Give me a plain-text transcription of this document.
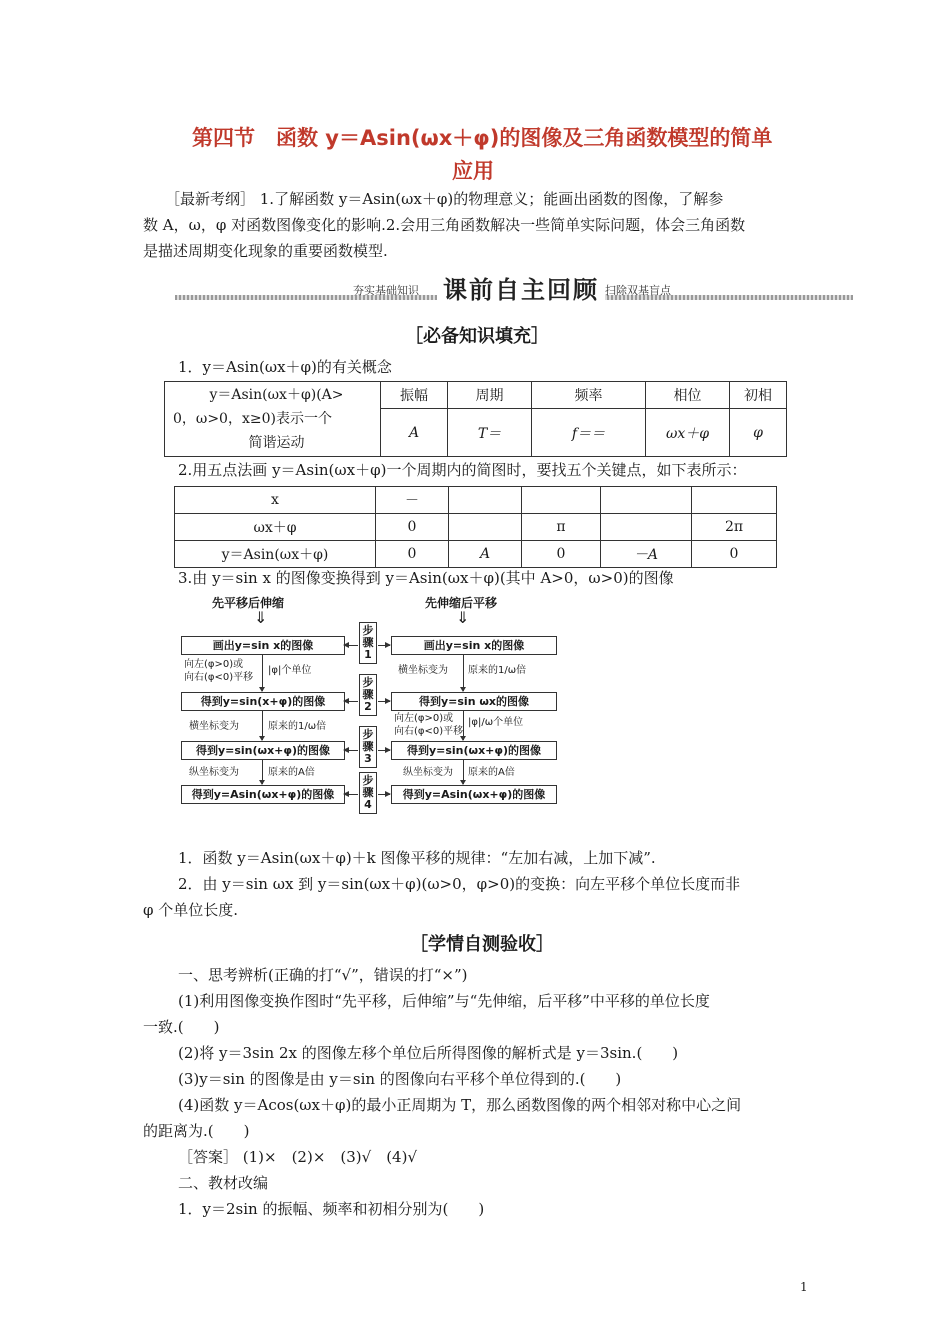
第四节　函数 y＝Asin(ωx＋φ)的图像及三角函数模型的简单
应用
［最新考纲］ 1.了解函数 y＝Asin(ωx＋φ)的物理意义；能画出函数的图像，了解参
数 A，ω，φ 对函数图像变化的影响.2.会用三角函数解决一些简单实际问题，体会三角函数
是描述周期变化现象的重要函数模型.
夯实基础知识 课前自主回顾 扫除双基盲点
［必备知识填充］
1．y＝Asin(ωx＋φ)的有关概念
y＝Asin(ωx＋φ)(A>
0，ω>0，x≥0)表示一个
简谐运动	振幅	周期	频率	相位	初相
	A	T＝	f＝＝	ωx＋φ	φ
2.用五点法画 y＝Asin(ωx＋φ)一个周期内的简图时，要找五个关键点，如下表所示：
x	－				
ωx＋φ	0		π		2π
y＝Asin(ωx＋φ)	0	A	0	－A	0
3.由 y＝sin x 的图像变换得到 y＝Asin(ωx＋φ)(其中 A>0，ω>0)的图像
先平移后伸缩	先伸缩后平移
⇓	⇓
画出y=sin x的图像
得到y=sin(x+φ)的图像
得到y=sin(ωx+φ)的图像
得到y=Asin(ωx+φ)的图像
画出y=sin x的图像
得到y=sin ωx的图像
得到y=sin(ωx+φ)的图像
得到y=Asin(ωx+φ)的图像
步
骤
1
步
骤
2
步
骤
3
步
骤
4
向左(φ>0)或
向右(φ<0)平移
|φ|个单位
横坐标变为	原来的1/ω倍
纵坐标变为	原来的A倍
横坐标变为 原来的1/ω倍
向左(φ>0)或
向右(φ<0)平移
|φ|/ω个单位
纵坐标变为 原来的A倍
1．函数 y＝Asin(ωx＋φ)＋k 图像平移的规律：“左加右减，上加下减”.
2．由 y＝sin ωx 到 y＝sin(ωx＋φ)(ω>0，φ>0)的变换：向左平移个单位长度而非
φ 个单位长度.
［学情自测验收］
一、思考辨析(正确的打“√”，错误的打“×”)
(1)利用图像变换作图时“先平移，后伸缩”与“先伸缩，后平移”中平移的单位长度
一致.(　　)
(2)将 y＝3sin 2x 的图像左移个单位后所得图像的解析式是 y＝3sin.(　　)
(3)y＝sin 的图像是由 y＝sin 的图像向右平移个单位得到的.(　　)
(4)函数 y＝Acos(ωx＋φ)的最小正周期为 T，那么函数图像的两个相邻对称中心之间
的距离为.(　　)
［答案］ (1)×　(2)×　(3)√　(4)√
二、教材改编
1．y＝2sin 的振幅、频率和初相分别为(　　)
1
